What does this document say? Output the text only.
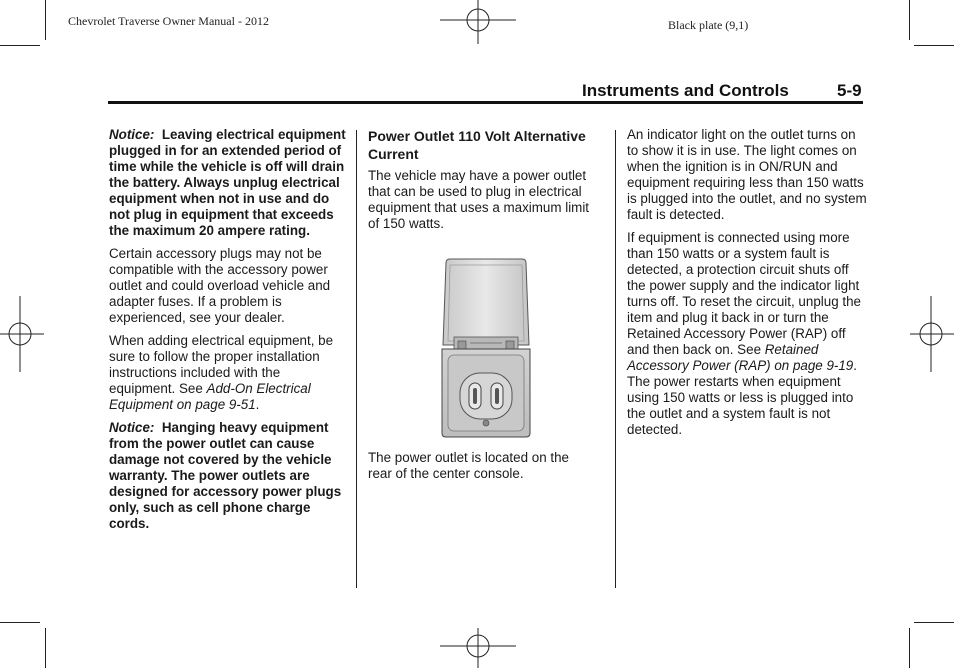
Chevrolet Traverse Owner Manual - 2012	Black plate (9,1)
Instruments and Controls	5-9

Notice: Leaving electrical equipment plugged in for an extended period of time while the vehicle is off will drain the battery. Always unplug electrical equipment when not in use and do not plug in equipment that exceeds the maximum 20 ampere rating.

Certain accessory plugs may not be compatible with the accessory power outlet and could overload vehicle and adapter fuses. If a problem is experienced, see your dealer.

When adding electrical equipment, be sure to follow the proper installation instructions included with the equipment. See Add-On Electrical Equipment on page 9-51.

Notice: Hanging heavy equipment from the power outlet can cause damage not covered by the vehicle warranty. The power outlets are designed for accessory power plugs only, such as cell phone charge cords.

Power Outlet 110 Volt Alternative Current

The vehicle may have a power outlet that can be used to plug in electrical equipment that uses a maximum limit of 150 watts.

The power outlet is located on the rear of the center console.

An indicator light on the outlet turns on to show it is in use. The light comes on when the ignition is in ON/RUN and equipment requiring less than 150 watts is plugged into the outlet, and no system fault is detected.

If equipment is connected using more than 150 watts or a system fault is detected, a protection circuit shuts off the power supply and the indicator light turns off. To reset the circuit, unplug the item and plug it back in or turn the Retained Accessory Power (RAP) off and then back on. See Retained Accessory Power (RAP) on page 9-19. The power restarts when equipment using 150 watts or less is plugged into the outlet and a system fault is not detected.
